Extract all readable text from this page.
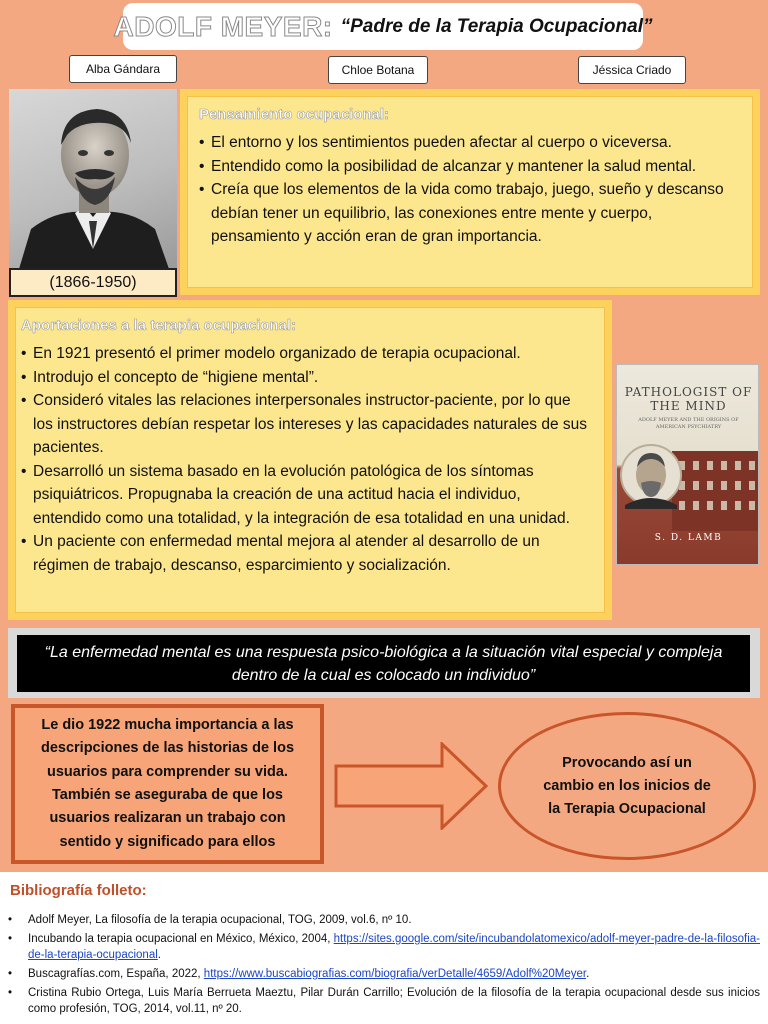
ADOLF MEYER: “Padre de la Terapia Ocupacional”
Alba Gándara	Chloe Botana	Jéssica Criado
(1866-1950)
Pensamiento ocupacional:
• El entorno y los sentimientos pueden afectar al cuerpo o viceversa.
• Entendido como la posibilidad de alcanzar y mantener la salud mental.
• Creía que los elementos de la vida como trabajo, juego, sueño y descanso debían tener un equilibrio, las conexiones entre mente y cuerpo, pensamiento y acción eran de gran importancia.
Aportaciones a la terapia ocupacional:
• En 1921 presentó el primer modelo organizado de terapia ocupacional.
• Introdujo el concepto de “higiene mental”.
• Consideró vitales las relaciones interpersonales instructor-paciente, por lo que los instructores debían respetar los intereses y las capacidades naturales de sus pacientes.
• Desarrolló un sistema basado en la evolución patológica de los síntomas psiquiátricos. Propugnaba la creación de una actitud hacia el individuo, entendido como una totalidad, y la integración de esa totalidad en una unidad.
• Un paciente con enfermedad mental mejora al atender al desarrollo de un régimen de trabajo, descanso, esparcimiento y socialización.
PATHOLOGIST OF THE MIND
ADOLF MEYER AND THE ORIGINS OF AMERICAN PSYCHIATRY
S. D. LAMB
“La enfermedad mental es una respuesta psico-biológica a la situación vital especial y compleja dentro de la cual es colocado un individuo”
Le dio 1922 mucha importancia a las descripciones de las historias de los usuarios para comprender su vida. También se aseguraba de que los usuarios realizaran un trabajo con sentido y significado para ellos
Provocando así un cambio en los inicios de la Terapia Ocupacional
Bibliografía folleto:
• Adolf Meyer, La filosofía de la terapia ocupacional, TOG, 2009, vol.6, nº 10.
• Incubando la terapia ocupacional en México, México, 2004, https://sites.google.com/site/incubandolatomexico/adolf-meyer-padre-de-la-filosofia-de-la-terapia-ocupacional.
• Buscagrafías.com, España, 2022, https://www.buscabiografias.com/biografia/verDetalle/4659/Adolf%20Meyer.
• Cristina Rubio Ortega, Luis María Berrueta Maeztu, Pilar Durán Carrillo; Evolución de la filosofía de la terapia ocupacional desde sus inicios como profesión, TOG, 2014, vol.11, nº 20.
